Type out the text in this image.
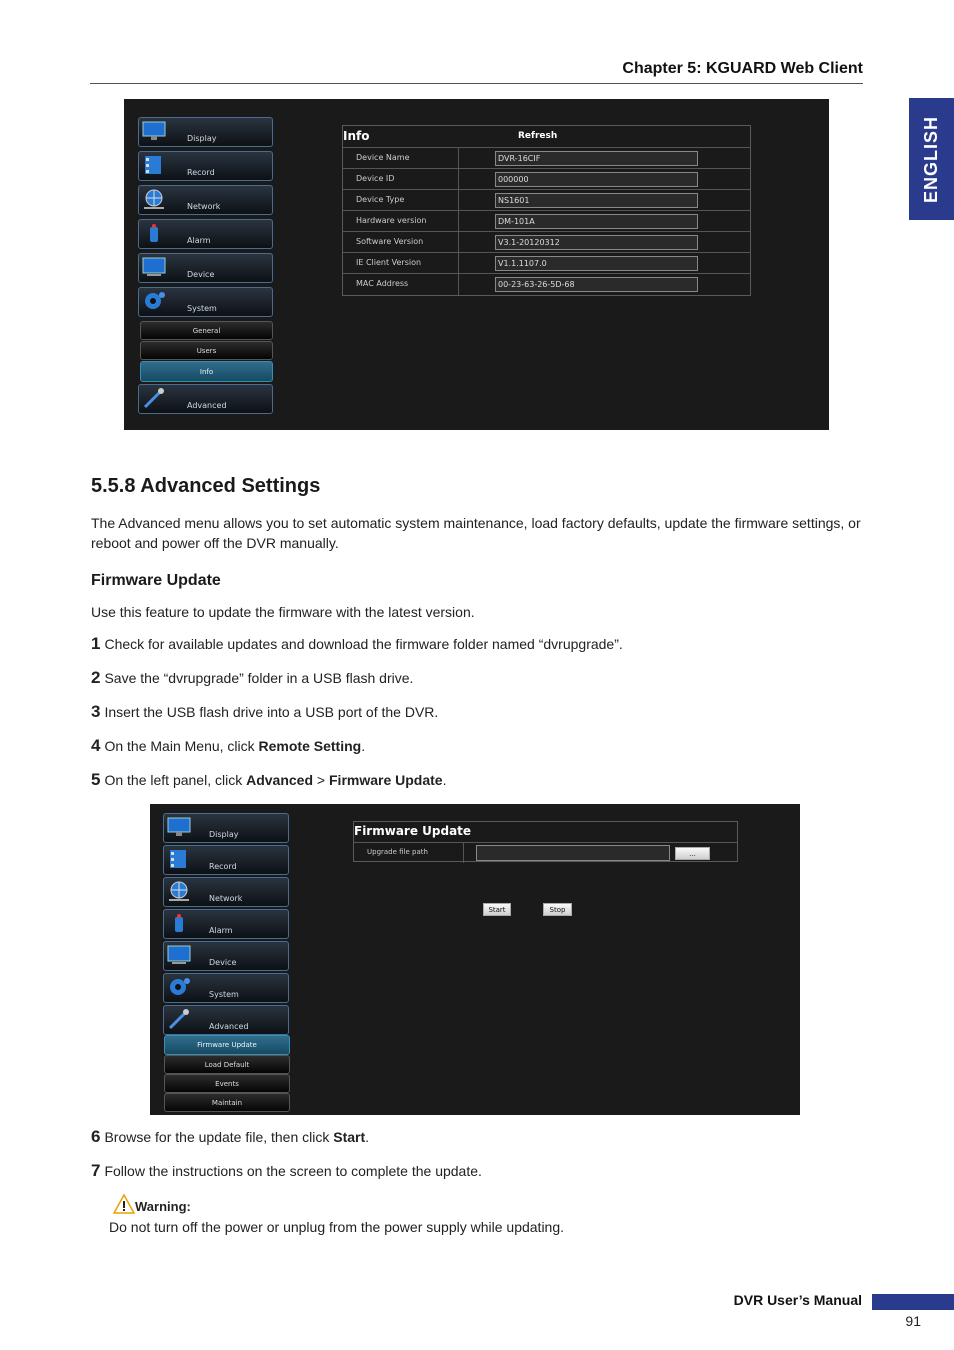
Chapter 5: KGUARD Web Client
ENGLISH
Display
Record
Network
Alarm
Device
System
General
Users
Info
Advanced
Info	Refresh
Device Name	DVR-16CIF
Device ID	000000
Device Type	NS1601
Hardware version	DM-101A
Software Version	V3.1-20120312
IE Client Version	V1.1.1107.0
MAC Address	00-23-63-26-5D-68
5.5.8 Advanced Settings
The Advanced menu allows you to set automatic system maintenance, load factory defaults, update the firmware settings, or reboot and power off the DVR manually.
Firmware Update
Use this feature to update the firmware with the latest version.
1 Check for available updates and download the firmware folder named “dvrupgrade”.
2 Save the “dvrupgrade” folder in a USB flash drive.
3 Insert the USB flash drive into a USB port of the DVR.
4 On the Main Menu, click Remote Setting.
5 On the left panel, click Advanced > Firmware Update.
Display
Record
Network
Alarm
Device
System
Advanced
Firmware Update
Load Default
Events
Maintain
Firmware Update
Upgrade file path	...
Start	Stop
6 Browse for the update file, then click Start.
7 Follow the instructions on the screen to complete the update.
Warning:
Do not turn off the power or unplug from the power supply while updating.
DVR User’s Manual
91
